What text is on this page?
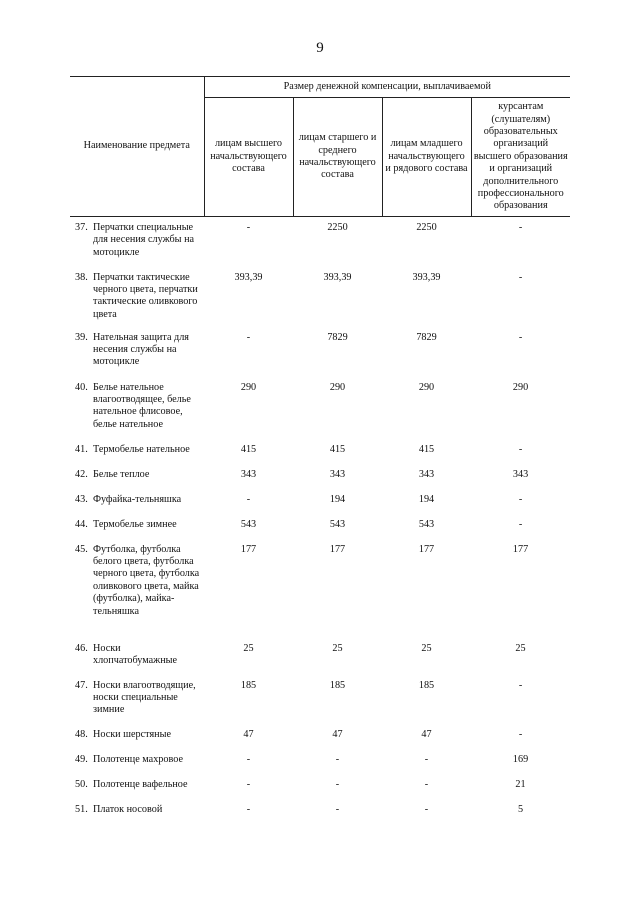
9
Наименование предмета	Размер денежной компенсации, выплачиваемой			
	лицам высшего начальствующего состава	лицам старшего и среднего начальствующего состава	лицам младшего начальствующего и рядового состава	курсантам (слушателям) образовательных организаций высшего образования и организаций дополнительного профессионального образования

37. Перчатки специальные для несения службы на мотоцикле	-	2250	2250	-

38. Перчатки тактические черного цвета, перчатки тактические оливкового цвета	393,39	393,39	393,39	-

39. Нательная защита для несения службы на мотоцикле	-	7829	7829	-

40. Белье нательное влагоотводящее, белье нательное флисовое, белье нательное	290	290	290	290

41. Термобелье нательное	415	415	415	-

42. Белье теплое	343	343	343	343

43. Фуфайка-тельняшка	-	194	194	-

44. Термобелье зимнее	543	543	543	-

45. Футболка, футболка белого цвета, футболка черного цвета, футболка оливкового цвета, майка (футболка), майка-тельняшка	177	177	177	177

46. Носки хлопчатобумажные	25	25	25	25

47. Носки влагоотводящие, носки специальные зимние	185	185	185	-

48. Носки шерстяные	47	47	47	-

49. Полотенце махровое	-	-	-	169

50. Полотенце вафельное	-	-	-	21

51. Платок носовой	-	-	-	5
